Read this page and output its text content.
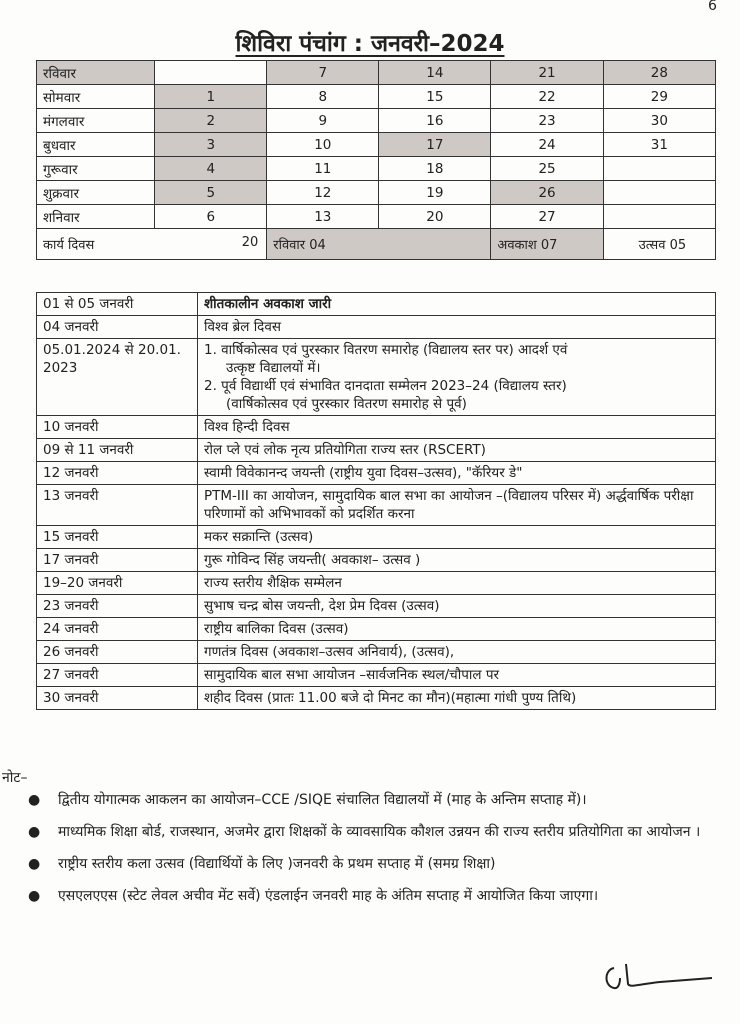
6
शिविरा पंचांग : जनवरी–2024
रविवार		7	14	21	28
सोमवार	1	8	15	22	29
मंगलवार	2	9	16	23	30
बुधवार	3	10	17	24	31
गुरूवार	4	11	18	25	
शुक्रवार	5	12	19	26	
शनिवार	6	13	20	27	

कार्य दिवस 20		रविवार 04		अवकाश 07	उत्सव 05
01 से 05 जनवरी	शीतकालीन अवकाश जारी
04 जनवरी	विश्व ब्रेल दिवस
05.01.2024 से 20.01. 2023	1. वार्षिकोत्सव एवं पुरस्कार वितरण समारोह (विद्यालय स्तर पर) आदर्श एवं
उत्कृष्ट विद्यालयों में।
2. पूर्व विद्यार्थी एवं संभावित दानदाता सम्मेलन 2023–24 (विद्यालय स्तर)
(वार्षिकोत्सव एवं पुरस्कार वितरण समारोह से पूर्व)

10 जनवरी	विश्व हिन्दी दिवस
09 से 11 जनवरी	रोल प्ले एवं लोक नृत्य प्रतियोगिता राज्य स्तर (RSCERT)
12 जनवरी	स्वामी विवेकानन्द जयन्ती (राष्ट्रीय युवा दिवस–उत्सव), "कॅरियर डे"
13 जनवरी	PTM-III का आयोजन, सामुदायिक बाल सभा का आयोजन –(विद्यालय परिसर में) अर्द्धवार्षिक परीक्षा परिणामों को अभिभावकों को प्रदर्शित करना
15 जनवरी	मकर सक्रान्ति (उत्सव)
17 जनवरी	गुरू गोविन्द सिंह जयन्ती( अवकाश– उत्सव )
19–20 जनवरी	राज्य स्तरीय शैक्षिक सम्मेलन
23 जनवरी	सुभाष चन्द्र बोस जयन्ती, देश प्रेम दिवस (उत्सव)
24 जनवरी	राष्ट्रीय बालिका दिवस (उत्सव)
26 जनवरी	गणतंत्र दिवस (अवकाश–उत्सव अनिवार्य), (उत्सव),
27 जनवरी	सामुदायिक बाल सभा आयोजन –सार्वजनिक स्थल/चौपाल पर
30 जनवरी	शहीद दिवस (प्रातः 11.00 बजे दो मिनट का मौन)(महात्मा गांधी पुण्य तिथि)
नोट–
●	द्वितीय योगात्मक आकलन का आयोजन–CCE /SIQE संचालित विद्यालयों में (माह के अन्तिम सप्ताह में)।
●	माध्यमिक शिक्षा बोर्ड, राजस्थान, अजमेर द्वारा शिक्षकों के व्यावसायिक कौशल उन्नयन की राज्य स्तरीय प्रतियोगिता का आयोजन ।
●	राष्ट्रीय स्तरीय कला उत्सव (विद्यार्थियों के लिए )जनवरी के प्रथम सप्ताह में (समग्र शिक्षा)
●	एसएलएएस (स्टेट लेवल अचीव मेंट सर्वे) एंडलाईन जनवरी माह के अंतिम सप्ताह में आयोजित किया जाएगा।
